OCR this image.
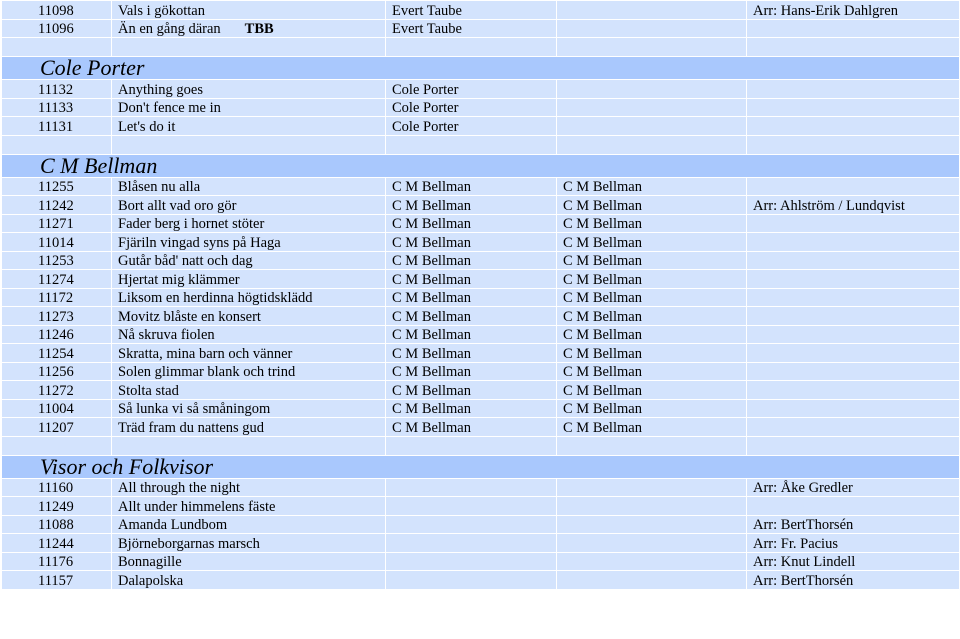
11098	Vals i gökottan	Evert Taube		Arr: Hans-Erik Dahlgren
11096	Än en gång däran TBB	Evert Taube		

Cole Porter				
11132	Anything goes	Cole Porter		
11133	Don't fence me in	Cole Porter		
11131	Let's do it	Cole Porter		

C M Bellman				
11255	Blåsen nu alla	C M Bellman	C M Bellman	
11242	Bort allt vad oro gör	C M Bellman	C M Bellman	Arr: Ahlström / Lundqvist
11271	Fader berg i hornet stöter	C M Bellman	C M Bellman	
11014	Fjäriln vingad syns på Haga	C M Bellman	C M Bellman	
11253	Gutår båd' natt och dag	C M Bellman	C M Bellman	
11274	Hjertat mig klämmer	C M Bellman	C M Bellman	
11172	Liksom en herdinna högtidsklädd	C M Bellman	C M Bellman	
11273	Movitz blåste en konsert	C M Bellman	C M Bellman	
11246	Nå skruva fiolen	C M Bellman	C M Bellman	
11254	Skratta, mina barn och vänner	C M Bellman	C M Bellman	
11256	Solen glimmar blank och trind	C M Bellman	C M Bellman	
11272	Stolta stad	C M Bellman	C M Bellman	
11004	Så lunka vi så småningom	C M Bellman	C M Bellman	
11207	Träd fram du nattens gud	C M Bellman	C M Bellman	

Visor och Folkvisor				
11160	All through the night			Arr: Åke Gredler
11249	Allt under himmelens fäste			
11088	Amanda Lundbom			Arr: BertThorsén
11244	Björneborgarnas marsch			Arr: Fr. Pacius
11176	Bonnagille			Arr: Knut Lindell
11157	Dalapolska			Arr: BertThorsén
